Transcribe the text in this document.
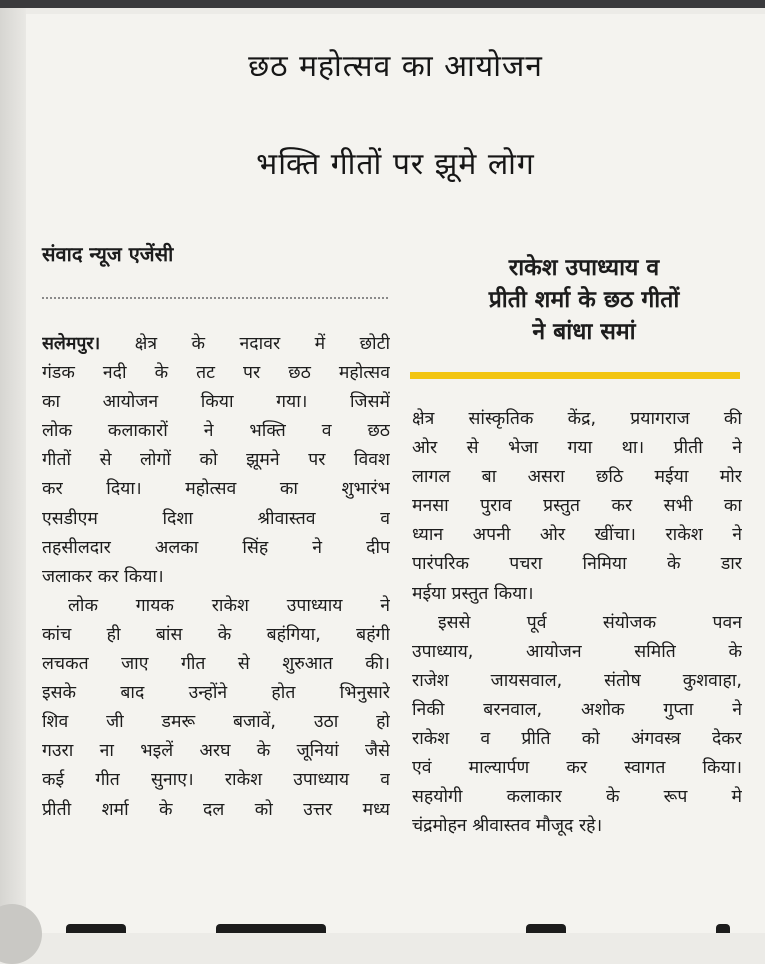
छठ महोत्सव का आयोजन
भक्ति गीतों पर झूमे लोग
संवाद न्यूज एजेंसी
राकेश उपाध्याय व
प्रीती शर्मा के छठ गीतों
ने बांधा समां
सलेमपुर। क्षेत्र के नदावर में छोटी
गंडक नदी के तट पर छठ महोत्सव
का आयोजन किया गया। जिसमें
लोक कलाकारों ने भक्ति व छठ
गीतों से लोगों को झूमने पर विवश
कर दिया। महोत्सव का शुभारंभ
एसडीएम दिशा श्रीवास्तव व
तहसीलदार अलका सिंह ने दीप
जलाकर कर किया।
लोक गायक राकेश उपाध्याय ने
कांच ही बांस के बहंगिया, बहंगी
लचकत जाए गीत से शुरुआत की।
इसके बाद उन्होंने होत भिनुसारे
शिव जी डमरू बजावें, उठा हो
गउरा ना भइलें अरघ के जूनियां जैसे
कई गीत सुनाए। राकेश उपाध्याय व
प्रीती शर्मा के दल को उत्तर मध्य
क्षेत्र सांस्कृतिक केंद्र, प्रयागराज की
ओर से भेजा गया था। प्रीती ने
लागल बा असरा छठि मईया मोर
मनसा पुराव प्रस्तुत कर सभी का
ध्यान अपनी ओर खींचा। राकेश ने
पारंपरिक पचरा निमिया के डार
मईया प्रस्तुत किया।
इससे पूर्व संयोजक पवन
उपाध्याय, आयोजन समिति के
राजेश जायसवाल, संतोष कुशवाहा,
निकी बरनवाल, अशोक गुप्ता ने
राकेश व प्रीति को अंगवस्त्र देकर
एवं माल्यार्पण कर स्वागत किया।
सहयोगी कलाकार के रूप मे
चंद्रमोहन श्रीवास्तव मौजूद रहे।
